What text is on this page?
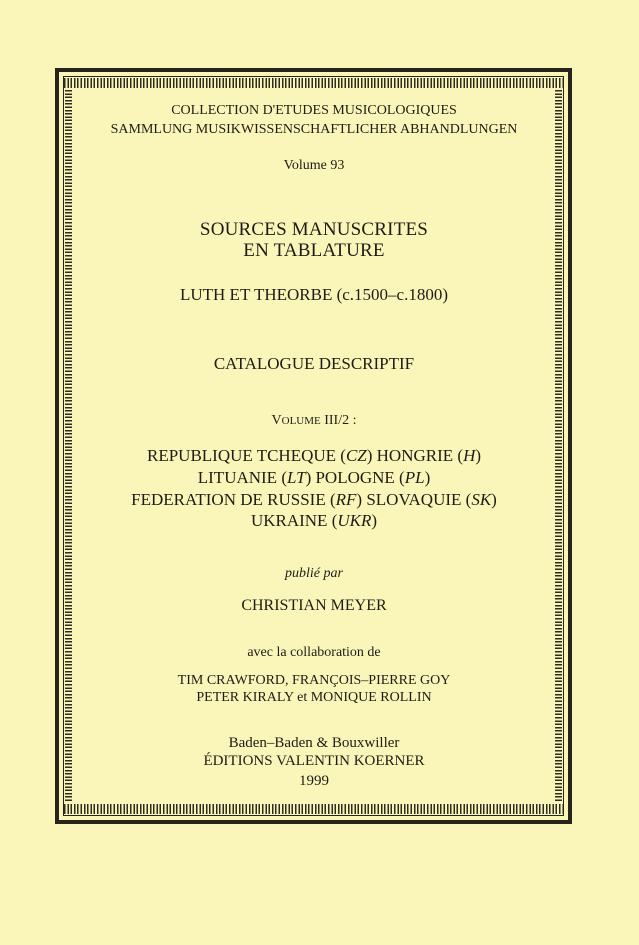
COLLECTION D'ETUDES MUSICOLOGIQUES
SAMMLUNG MUSIKWISSENSCHAFTLICHER ABHANDLUNGEN
Volume 93
SOURCES MANUSCRITES
EN TABLATURE
LUTH ET THEORBE (c.1500–c.1800)
CATALOGUE DESCRIPTIF
VOLUME III/2 :
REPUBLIQUE TCHEQUE (CZ) HONGRIE (H)
LITUANIE (LT) POLOGNE (PL)
FEDERATION DE RUSSIE (RF) SLOVAQUIE (SK)
UKRAINE (UKR)
publié par
CHRISTIAN MEYER
avec la collaboration de
TIM CRAWFORD, FRANÇOIS–PIERRE GOY
PETER KIRALY et MONIQUE ROLLIN
Baden–Baden & Bouxwiller
ÉDITIONS VALENTIN KOERNER
1999
